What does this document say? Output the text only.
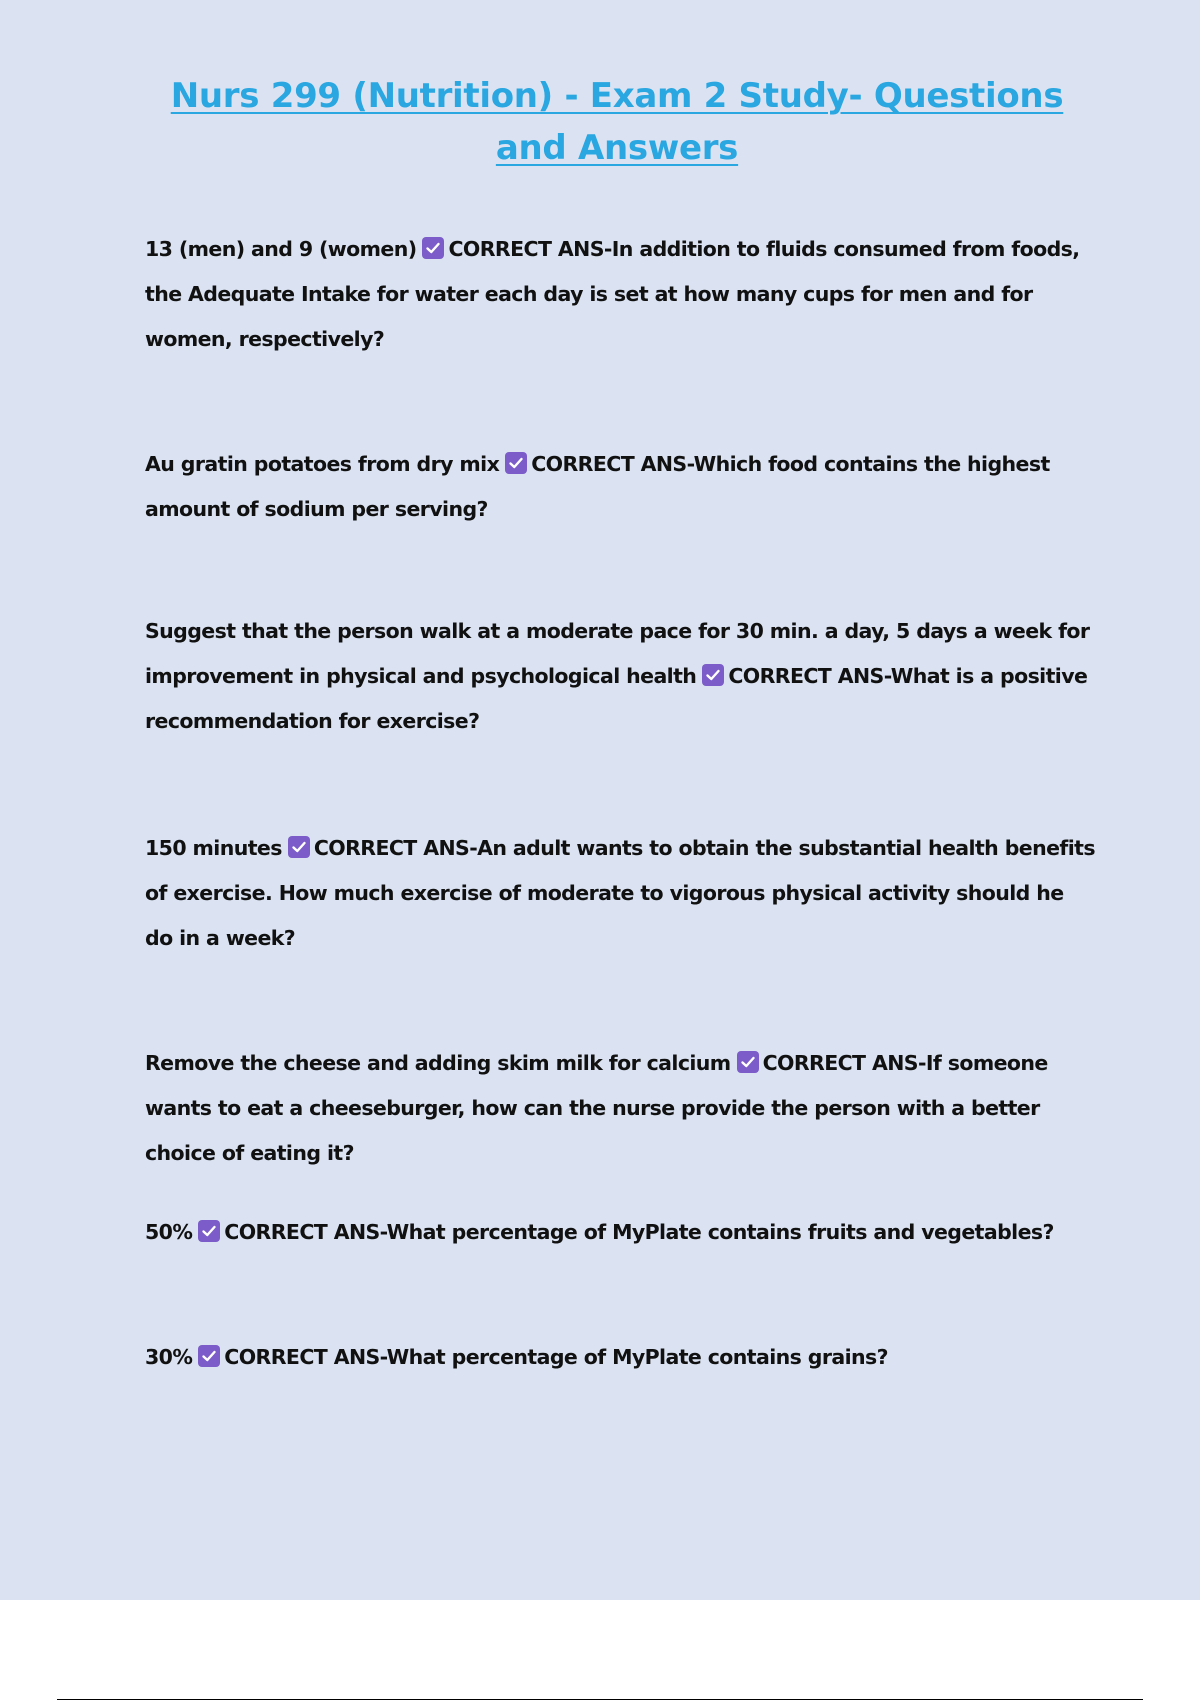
Nurs 299 (Nutrition) - Exam 2 Study- Questions and Answers

13 (men) and 9 (women) CORRECT ANS-In addition to fluids consumed from foods, the Adequate Intake for water each day is set at how many cups for men and for women, respectively?

Au gratin potatoes from dry mix CORRECT ANS-Which food contains the highest amount of sodium per serving?

Suggest that the person walk at a moderate pace for 30 min. a day, 5 days a week for improvement in physical and psychological health CORRECT ANS-What is a positive recommendation for exercise?

150 minutes CORRECT ANS-An adult wants to obtain the substantial health benefits of exercise. How much exercise of moderate to vigorous physical activity should he do in a week?

Remove the cheese and adding skim milk for calcium CORRECT ANS-If someone wants to eat a cheeseburger, how can the nurse provide the person with a better choice of eating it?

50% CORRECT ANS-What percentage of MyPlate contains fruits and vegetables?

30% CORRECT ANS-What percentage of MyPlate contains grains?
